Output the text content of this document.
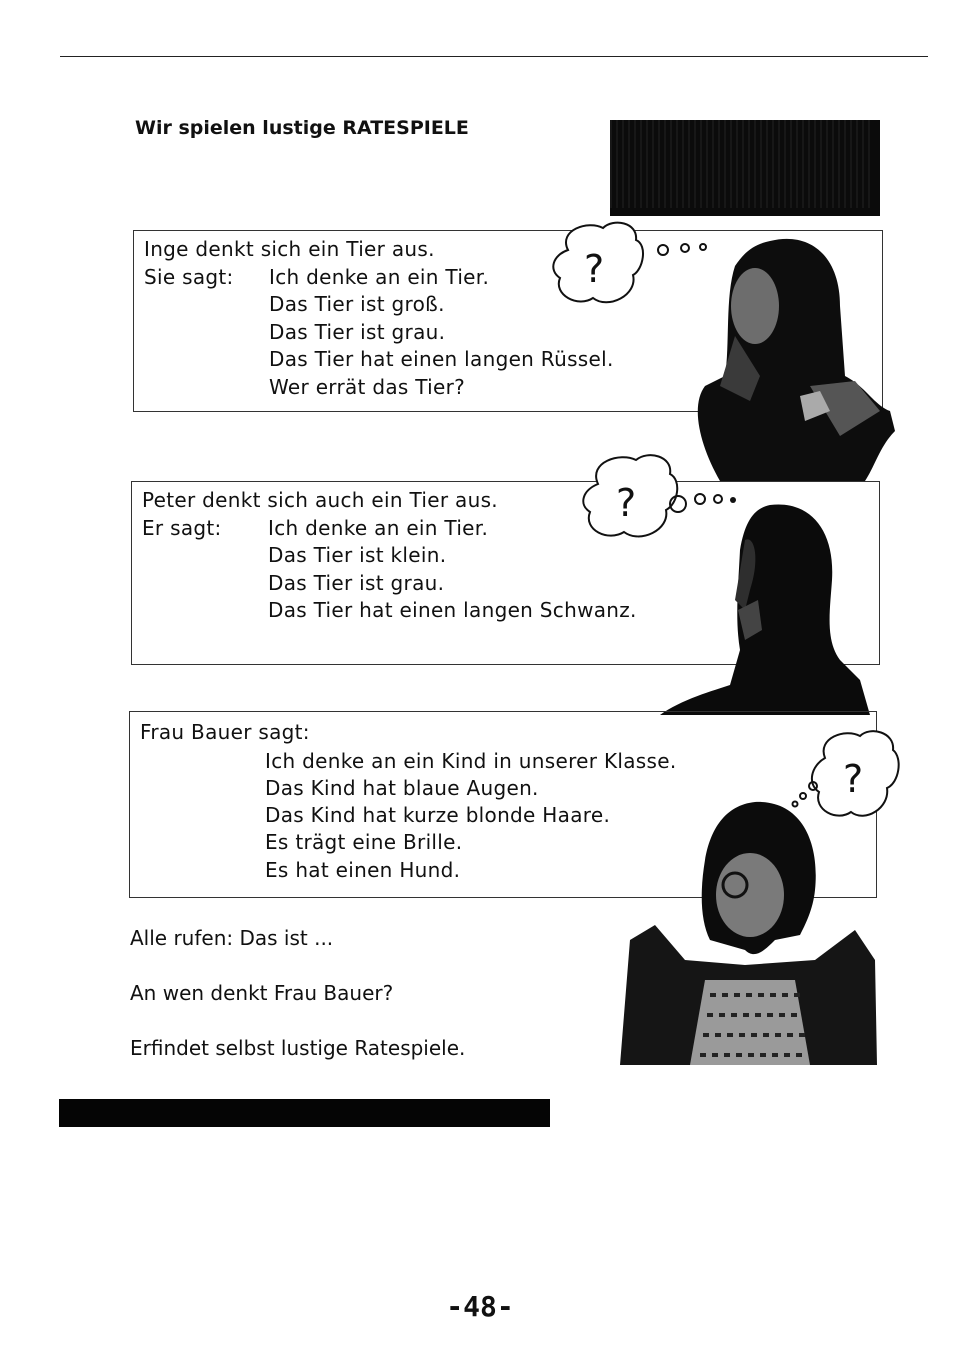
Wir spielen lustige RATESPIELE
Inge denkt sich ein Tier aus.
Sie sagt: Ich denke an ein Tier.
Das Tier ist groß.
Das Tier ist grau.
Das Tier hat einen langen Rüssel.
Wer errät das Tier?
?
Peter denkt sich auch ein Tier aus.
Er sagt: Ich denke an ein Tier.
Das Tier ist klein.
Das Tier ist grau.
Das Tier hat einen langen Schwanz.
?
Frau Bauer sagt:
Ich denke an ein Kind in unserer Klasse.
Das Kind hat blaue Augen.
Das Kind hat kurze blonde Haare.
Es trägt eine Brille.
Es hat einen Hund.
?
Alle rufen: Das ist ...
An wen denkt Frau Bauer?
Erfindet selbst lustige Ratespiele.
-48-
